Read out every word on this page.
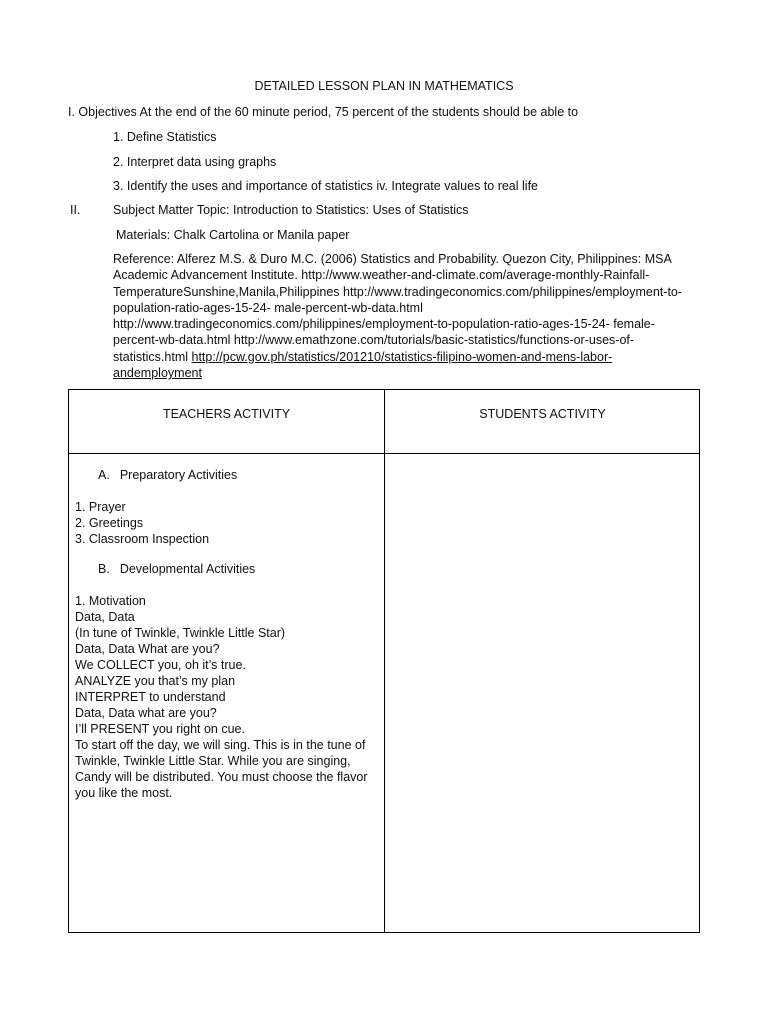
DETAILED LESSON PLAN IN MATHEMATICS
I. Objectives At the end of the 60 minute period, 75 percent of the students should be able to
1. Define Statistics
2. Interpret data using graphs
3. Identify the uses and importance of statistics iv. Integrate values to real life
II.	Subject Matter Topic: Introduction to Statistics: Uses of Statistics
Materials: Chalk Cartolina or Manila paper
Reference: Alferez M.S. & Duro M.C. (2006) Statistics and Probability. Quezon City, Philippines: MSA Academic Advancement Institute. http://www.weather-and-climate.com/average-monthly-Rainfall-TemperatureSunshine,Manila,Philippines http://www.tradingeconomics.com/philippines/employment-to-population-ratio-ages-15-24- male-percent-wb-data.html http://www.tradingeconomics.com/philippines/employment-to-population-ratio-ages-15-24- female-percent-wb-data.html http://www.emathzone.com/tutorials/basic-statistics/functions-or-uses-of-statistics.html http://pcw.gov.ph/statistics/201210/statistics-filipino-women-and-mens-labor-andemployment
TEACHERS ACTIVITY	STUDENTS ACTIVITY
A. Preparatory Activities
1. Prayer
2. Greetings
3. Classroom Inspection
B. Developmental Activities
1. Motivation
Data, Data
(In tune of Twinkle, Twinkle Little Star)
Data, Data What are you?
We COLLECT you, oh it’s true.
ANALYZE you that’s my plan
INTERPRET to understand
Data, Data what are you?
I’ll PRESENT you right on cue.
To start off the day, we will sing. This is in the tune of
Twinkle, Twinkle Little Star. While you are singing,
Candy will be distributed. You must choose the flavor
you like the most.
